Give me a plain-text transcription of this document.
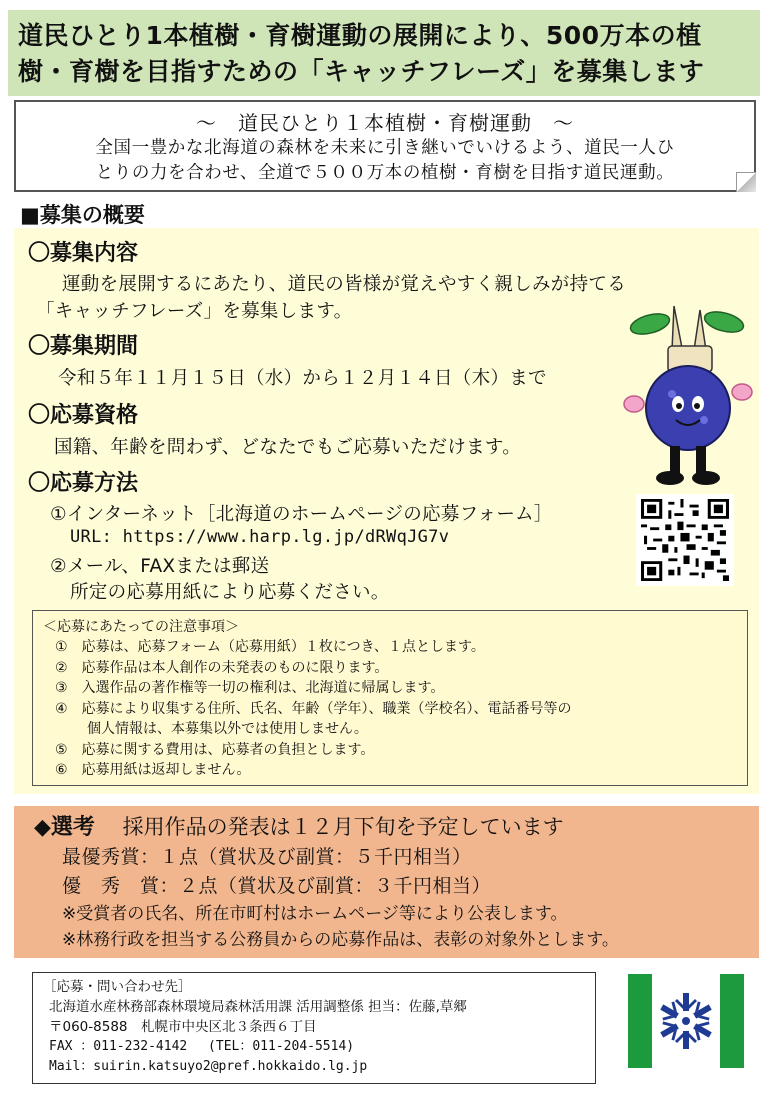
道民ひとり1本植樹・育樹運動の展開により、500万本の植
樹・育樹を目指すための「キャッチフレーズ」を募集します
～　道民ひとり１本植樹・育樹運動　～
全国一豊かな北海道の森林を未来に引き継いでいけるよう、道民一人ひ
とりの力を合わせ、全道で５００万本の植樹・育樹を目指す道民運動。
■募集の概要
〇募集内容
運動を展開するにあたり、道民の皆様が覚えやすく親しみが持てる
「キャッチフレーズ」を募集します。
〇募集期間
令和５年１１月１５日（水）から１２月１４日（木）まで
〇応募資格
国籍、年齢を問わず、どなたでもご応募いただけます。
〇応募方法
①インターネット［北海道のホームページの応募フォーム］
URL: https://www.harp.lg.jp/dRWqJG7v
②メール、FAXまたは郵送
所定の応募用紙により応募ください。
＜応募にあたっての注意事項＞
①　応募は、応募フォーム（応募用紙）１枚につき、１点とします。
②　応募作品は本人創作の未発表のものに限ります。
③　入選作品の著作権等一切の権利は、北海道に帰属します。
④　応募により収集する住所、氏名、年齢（学年）、職業（学校名）、電話番号等の
個人情報は、本募集以外では使用しません。
⑤　応募に関する費用は、応募者の負担とします。
⑥　応募用紙は返却しません。
◆選考　 採用作品の発表は１２月下旬を予定しています
最優秀賞：１点（賞状及び副賞：５千円相当）
優　秀　賞：２点（賞状及び副賞：３千円相当）
※受賞者の氏名、所在市町村はホームページ等により公表します。
※林務行政を担当する公務員からの応募作品は、表彰の対象外とします。
［応募・問い合わせ先］
北海道水産林務部森林環境局森林活用課 活用調整係 担当：佐藤,草郷
〒060-8588　札幌市中央区北３条西６丁目
FAX ：011-232-4142　 (TEL：011-204-5514)
Mail：suirin.katsuyo2@pref.hokkaido.lg.jp
